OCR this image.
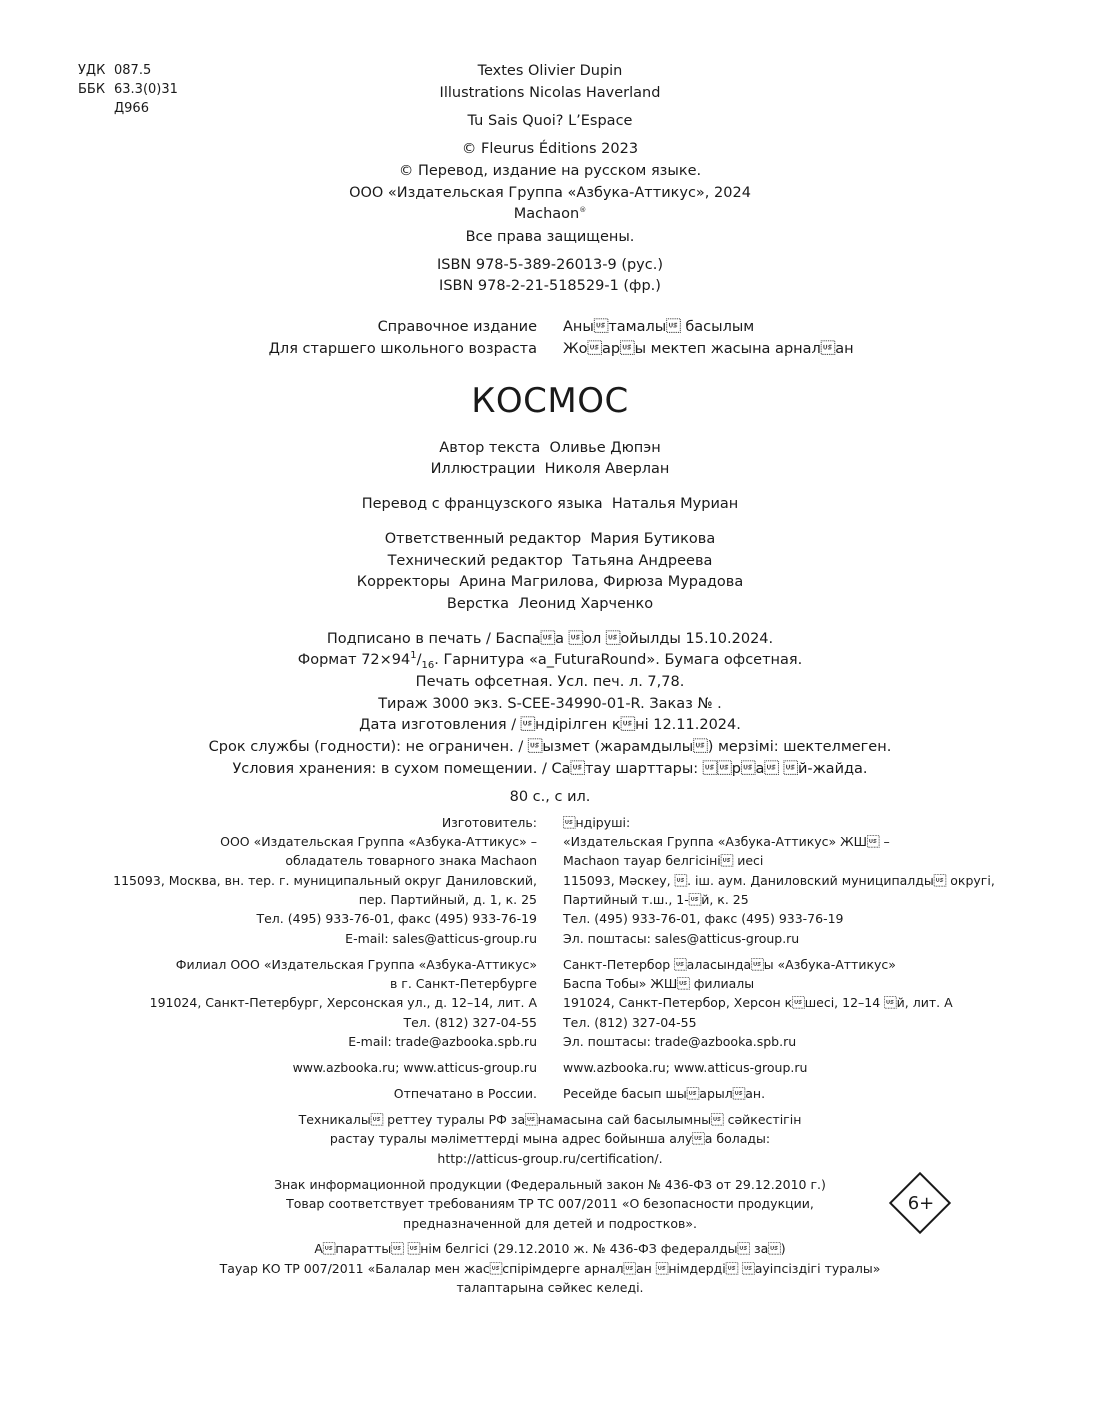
УДК 087.5
ББК 63.3(0)31
Д966
Textes Olivier Dupin
Illustrations Nicolas Haverland
Tu Sais Quoi? L’Espace
© Fleurus Éditions 2023
© Перевод, издание на русском языке.
ООО «Издательская Группа «Азбука-Аттикус», 2024
Machaon®
Все права защищены.
ISBN 978-5-389-26013-9 (рус.)
ISBN 978-2-21-518529-1 (фр.)
Справочное издание Анытамалы басылым
Для старшего школьного возраста Жоары мектеп жасына арналан
КОСМОС
Автор текста Оливье Дюпэн
Иллюстрации Николя Аверлан
Перевод с французского языка Наталья Муриан
Ответственный редактор Мария Бутикова
Технический редактор Татьяна Андреева
Корректоры Арина Магрилова, Фирюза Мурадова
Верстка Леонид Харченко
Подписано в печать / Баспаа ол ойылды 15.10.2024.
Формат $72\times 94^1/_{16}$. Гарнитура «a_FuturaRound». Бумага офсетная.
Печать офсетная. Усл. печ. л. 7,78.
Тираж 3000 экз. S-CEE-34990-01-R. Заказ № .
Дата изготовления / ндірілген кні 12.11.2024.
Срок службы (годности): не ограничен. / ызмет (жарамдылы) мерзімі: шектелмеген.
Условия хранения: в сухом помещении. / Сатау шарттары: ра й-жайда.
80 с., с ил.
Изготовитель: ндіруші:
ООО «Издательская Группа «Азбука-Аттикус» – «Издательская Группа «Азбука-Аттикус» ЖШ –
обладатель товарного знака Machaon Machaon тауар белгісіні иесі
115093, Москва, вн. тер. г. муниципальный округ Даниловский, 115093, Мәскеу, . іш. аум. Даниловский муниципалды округі,
пер. Партийный, д. 1, к. 25 Партийный т.ш., 1-й, к. 25
Тел. (495) 933-76-01, факс (495) 933-76-19 Тел. (495) 933-76-01, факс (495) 933-76-19
E-mail: sales@atticus-group.ru Эл. поштасы: sales@atticus-group.ru
Филиал ООО «Издательская Группа «Азбука-Аттикус» Санкт-Петербор aласындаы «Азбука-Аттикус»
в г. Санкт-Петербурге Баспа Тобы» ЖШ филиалы
191024, Санкт-Петербург, Херсонская ул., д. 12–14, лит. А 191024, Санкт-Петербор, Херсон кшесі, 12–14 й, лит. А
Тел. (812) 327-04-55 Тел. (812) 327-04-55
E-mail: trade@azbooka.spb.ru Эл. поштасы: trade@azbooka.spb.ru
www.azbooka.ru; www.atticus-group.ru www.azbooka.ru; www.atticus-group.ru
Отпечатано в России. Ресейде басып шыарылан.
Техникалы реттеу туралы РФ занамасына сай басылымны сәйкестігін
растау туралы мәліметтерді мына адрес бойынша алуа болады:
http://atticus-group.ru/certification/.
Знак информационной продукции (Федеральный закон № 436-ФЗ от 29.12.2010 г.)
Товар соответствует требованиям ТР ТС 007/2011 «О безопасности продукции,
предназначенной для детей и подростков».
Апаратты нім белгісі (29.12.2010 ж. № 436-ФЗ федералды за)
Тауар КО ТР 007/2011 «Балалар мен жасспірімдерге арналан німдерді ауіпсіздігі туралы»
талаптарына сәйкес келеді.
6+
